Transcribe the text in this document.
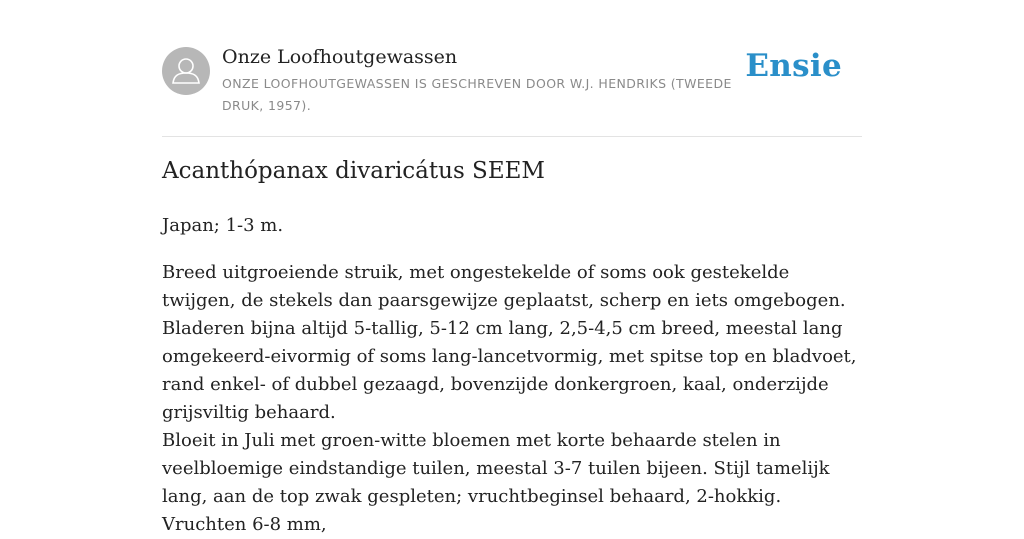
Onze Loofhoutgewassen
ONZE LOOFHOUTGEWASSEN IS GESCHREVEN DOOR W.J. HENDRIKS (TWEEDE DRUK, 1957).
Ensie
Acanthópanax divaricátus SEEM

Japan; 1-3 m.

Breed uitgroeiende struik, met ongestekelde of soms ook gestekelde twijgen, de stekels dan paarsgewijze geplaatst, scherp en iets omgebogen. Bladeren bijna altijd 5-tallig, 5-12 cm lang, 2,5-4,5 cm breed, meestal lang omgekeerd-eivormig of soms lang-lancetvormig, met spitse top en bladvoet, rand enkel- of dubbel gezaagd, bovenzijde donkergroen, kaal, onderzijde grijsviltig behaard.

Bloeit in Juli met groen-witte bloemen met korte behaarde stelen in veelbloemige eindstandige tuilen, meestal 3-7 tuilen bijeen. Stijl tamelijk lang, aan de top zwak gespleten; vruchtbeginsel behaard, 2-hokkig. Vruchten 6-8 mm,
